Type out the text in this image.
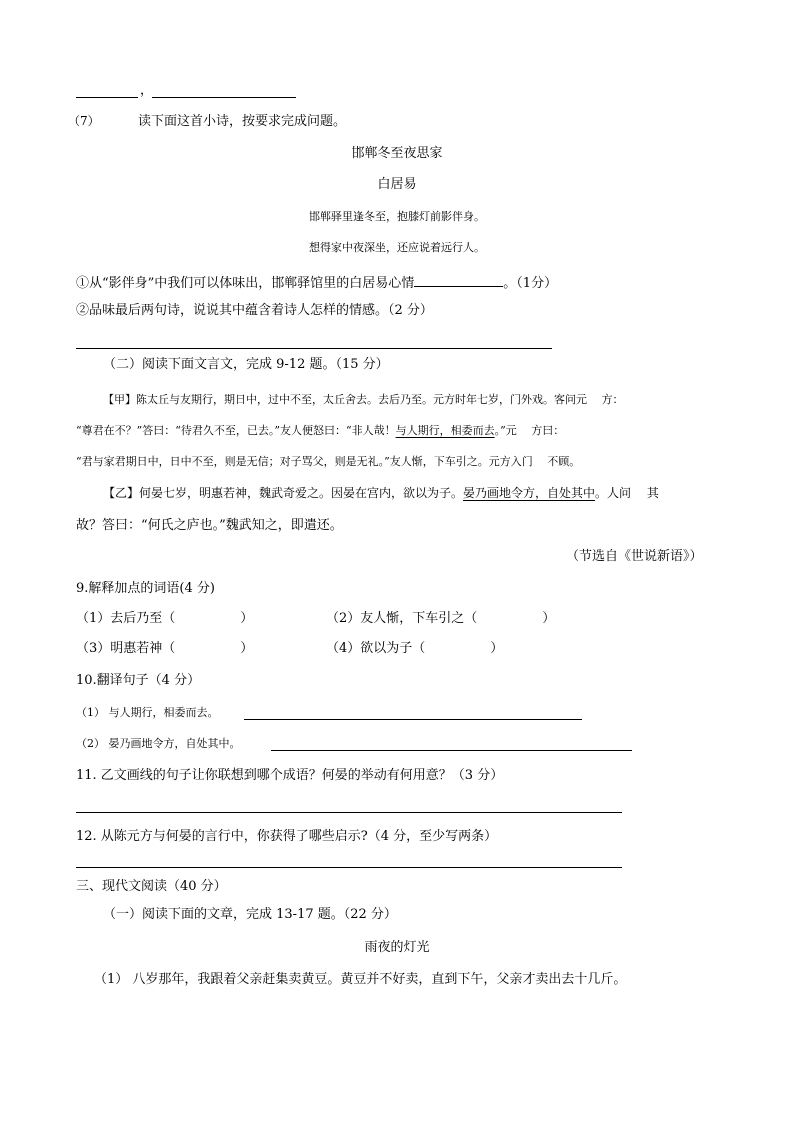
，
（7）	读下面这首小诗，按要求完成问题。
邯郸冬至夜思家
白居易
邯郸驿里逢冬至，抱膝灯前影伴身。
想得家中夜深坐，还应说着远行人。
①从“影伴身”中我们可以体味出，邯郸驿馆里的白居易心情	。（1分）
②品味最后两句诗，说说其中蕴含着诗人怎样的情感。（2 分）
（二）阅读下面文言文，完成 9-12 题。（15 分）
【甲】陈太丘与友期行，期日中，过中不至，太丘舍去。去后乃至。元方时年七岁，门外戏。客问元　 方：
“尊君在不？”答曰：“待君久不至，已去。”友人便怒曰：“非人哉！与人期行，相委而去。”元　 方曰：
“君与家君期日中，日中不至，则是无信；对子骂父，则是无礼。”友人惭，下车引之。元方入门　 不顾。
【乙】何晏七岁，明惠若神，魏武奇爱之。因晏在宫内，欲以为子。晏乃画地令方，自处其中。人问　 其
故？答曰：“何氏之庐也。”魏武知之，即遣还。
（节选自《世说新语》）
9.解释加点的词语(4 分)
（1）去后乃至（　　　　　）	（2）友人惭，下车引之（　　　　　）
（3）明惠若神（　　　　　）	（4）欲以为子（　　　　　）
10.翻译句子（4 分）
（1） 与人期行，相委而去。
（2） 晏乃画地令方，自处其中。
11. 乙文画线的句子让你联想到哪个成语？何晏的举动有何用意？（3 分）
12. 从陈元方与何晏的言行中，你获得了哪些启示?（4 分，至少写两条）
三、现代文阅读（40 分）
（一）阅读下面的文章，完成 13-17 题。（22 分）
雨夜的灯光
（1） 八岁那年，我跟着父亲赶集卖黄豆。黄豆并不好卖，直到下午，父亲才卖出去十几斤。
